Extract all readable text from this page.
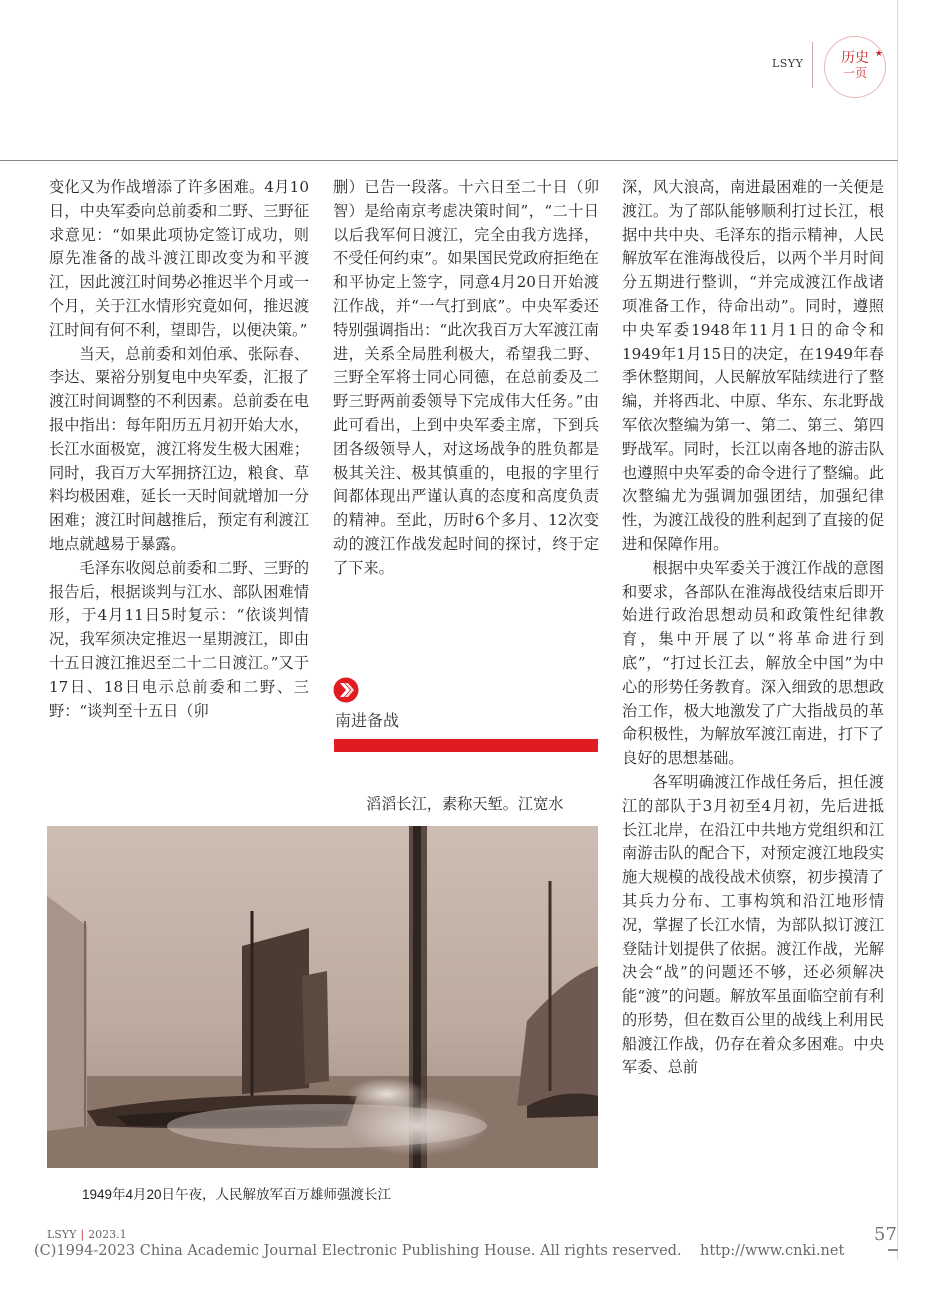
LSYY	历史
一页
★

变化又为作战增添了许多困难。4月10日，中央军委向总前委和二野、三野征求意见：“如果此项协定签订成功，则原先准备的战斗渡江即改变为和平渡江，因此渡江时间势必推迟半个月或一个月，关于江水情形究竟如何，推迟渡江时间有何不利，望即告，以便决策。”

当天，总前委和刘伯承、张际春、李达、粟裕分别复电中央军委，汇报了渡江时间调整的不利因素。总前委在电报中指出：每年阳历五月初开始大水，长江水面极宽，渡江将发生极大困难；同时，我百万大军拥挤江边，粮食、草料均极困难，延长一天时间就增加一分困难；渡江时间越推后，预定有利渡江地点就越易于暴露。

毛泽东收阅总前委和二野、三野的报告后，根据谈判与江水、部队困难情形，于4月11日5时复示：“依谈判情况，我军须决定推迟一星期渡江，即由十五日渡江推迟至二十二日渡江。”又于17日、18日电示总前委和二野、三野：“谈判至十五日（卯

删）已告一段落。十六日至二十日（卯智）是给南京考虑决策时间”，“二十日以后我军何日渡江，完全由我方选择，不受任何约束”。如果国民党政府拒绝在和平协定上签字，同意4月20日开始渡江作战，并“一气打到底”。中央军委还特别强调指出：“此次我百万大军渡江南进，关系全局胜利极大，希望我二野、三野全军将士同心同德，在总前委及二野三野两前委领导下完成伟大任务。”由此可看出，上到中央军委主席，下到兵团各级领导人，对这场战争的胜负都是极其关注、极其慎重的，电报的字里行间都体现出严谨认真的态度和高度负责的精神。至此，历时6个多月、12次变动的渡江作战发起时间的探讨，终于定了下来。

南进备战
滔滔长江，素称天堑。江宽水

深，风大浪高，南进最困难的一关便是渡江。为了部队能够顺利打过长江，根据中共中央、毛泽东的指示精神，人民解放军在淮海战役后，以两个半月时间分五期进行整训，“并完成渡江作战诸项准备工作，待命出动”。同时，遵照中央军委1948年11月1日的命令和1949年1月15日的决定，在1949年春季休整期间，人民解放军陆续进行了整编，并将西北、中原、华东、东北野战军依次整编为第一、第二、第三、第四野战军。同时，长江以南各地的游击队也遵照中央军委的命令进行了整编。此次整编尤为强调加强团结，加强纪律性，为渡江战役的胜利起到了直接的促进和保障作用。

根据中央军委关于渡江作战的意图和要求，各部队在淮海战役结束后即开始进行政治思想动员和政策性纪律教育，集中开展了以“将革命进行到底”，“打过长江去，解放全中国”为中心的形势任务教育。深入细致的思想政治工作，极大地激发了广大指战员的革命积极性，为解放军渡江南进，打下了良好的思想基础。

各军明确渡江作战任务后，担任渡江的部队于3月初至4月初，先后进抵长江北岸，在沿江中共地方党组织和江南游击队的配合下，对预定渡江地段实施大规模的战役战术侦察，初步摸清了其兵力分布、工事构筑和沿江地形情况，掌握了长江水情，为部队拟订渡江登陆计划提供了依据。渡江作战，光解决会“战”的问题还不够，还必须解决能“渡”的问题。解放军虽面临空前有利的形势，但在数百公里的战线上利用民船渡江作战，仍存在着众多困难。中央军委、总前

1949年4月20日午夜，人民解放军百万雄师强渡长江
LSYY | 2023.1	57
(C)1994-2023 China Academic Journal Electronic Publishing House. All rights reserved.    http://www.cnki.net
